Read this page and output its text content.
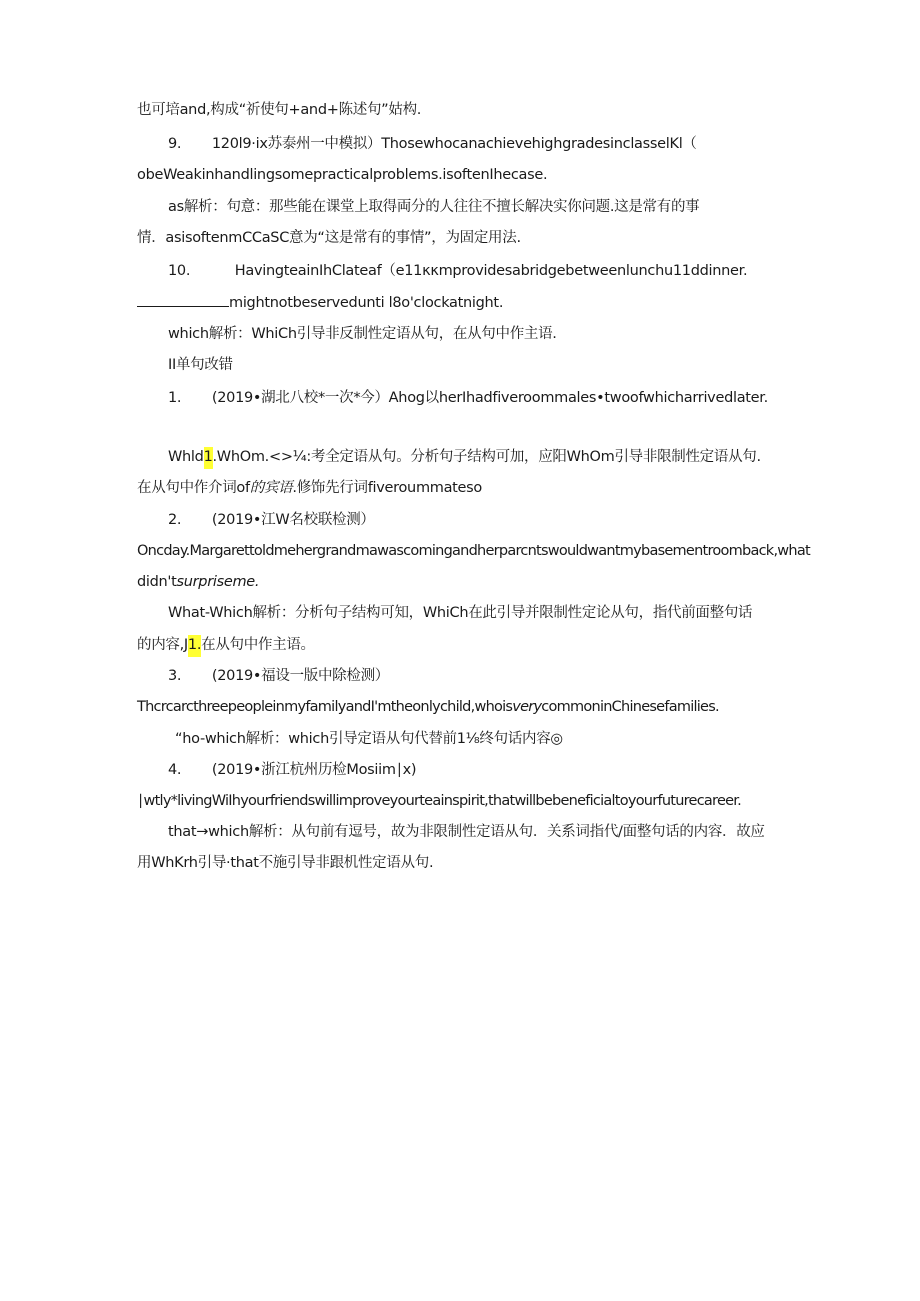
也可培and,构成“祈使句+and+陈述句”姑构.
9. 120l9·ix苏泰州一中模拟）Thosewhocanachievehighgradesinclass​elKl（
obeWeakinhandlingsomepracticalproblems.isoftenIhecase.
as解析：句意：那些能在课堂上取得両分的人往往不擅长解决实你问题.这是常有的事
情．asisoftenmCCaSC意为“这是常有的事情”，为固定用法.
10.	HavingteainIhClateaf（e11κκmprovidesabridgebetweenlunchu11ddinner.
mightnotbeservedunti l8o'clockatnight.
which解析：WhiCh引导非反制性定语从句，在从句中作主语.
II单句改错
1. (2019•湖北八校*一次*今）Ahog以herIhadfiveroommales•twoofwhicharrivedlater.
Whld1.WhOm.<>¼:考全定语从句。分析句子结构可加，应阳WhOm引导非限制性定语从句.
在从句中作介词of的宾语.修饰先行词fiveroummateso
2. (2019•江W名校联检测）
Oncday.Margarettoldmehergrandmawascomingandherparcntswouldwantmybasementroomback,what
didn'tsurpriseme.
What-Which解析：分析句子结构可知，WhiCh在此引导并限制性定论从句，指代前面整句话
的内容,J1.在从句中作主语。
3. (2019•福设一版中除检测）
ThcrcarcthreepeopleinmyfamilyandI'mtheonlychild,whoisverycommoninChinesefamilies.
“ho-which解析：which引导定语从句代替前1⅛终句话内容◎
4. (2019•浙江杭州历检Mosiim∣x)
∣wtly*livingWiIhyourfriendswillimproveyourteainspirit,thatwillbebeneficialtoyourfuturecareer.
that→which解析：从句前有逗号，故为非限制性定语从句．关系词指代/面整句话的内容．故应
用WhKrh引导·that不施引导非跟机性定语从句.
